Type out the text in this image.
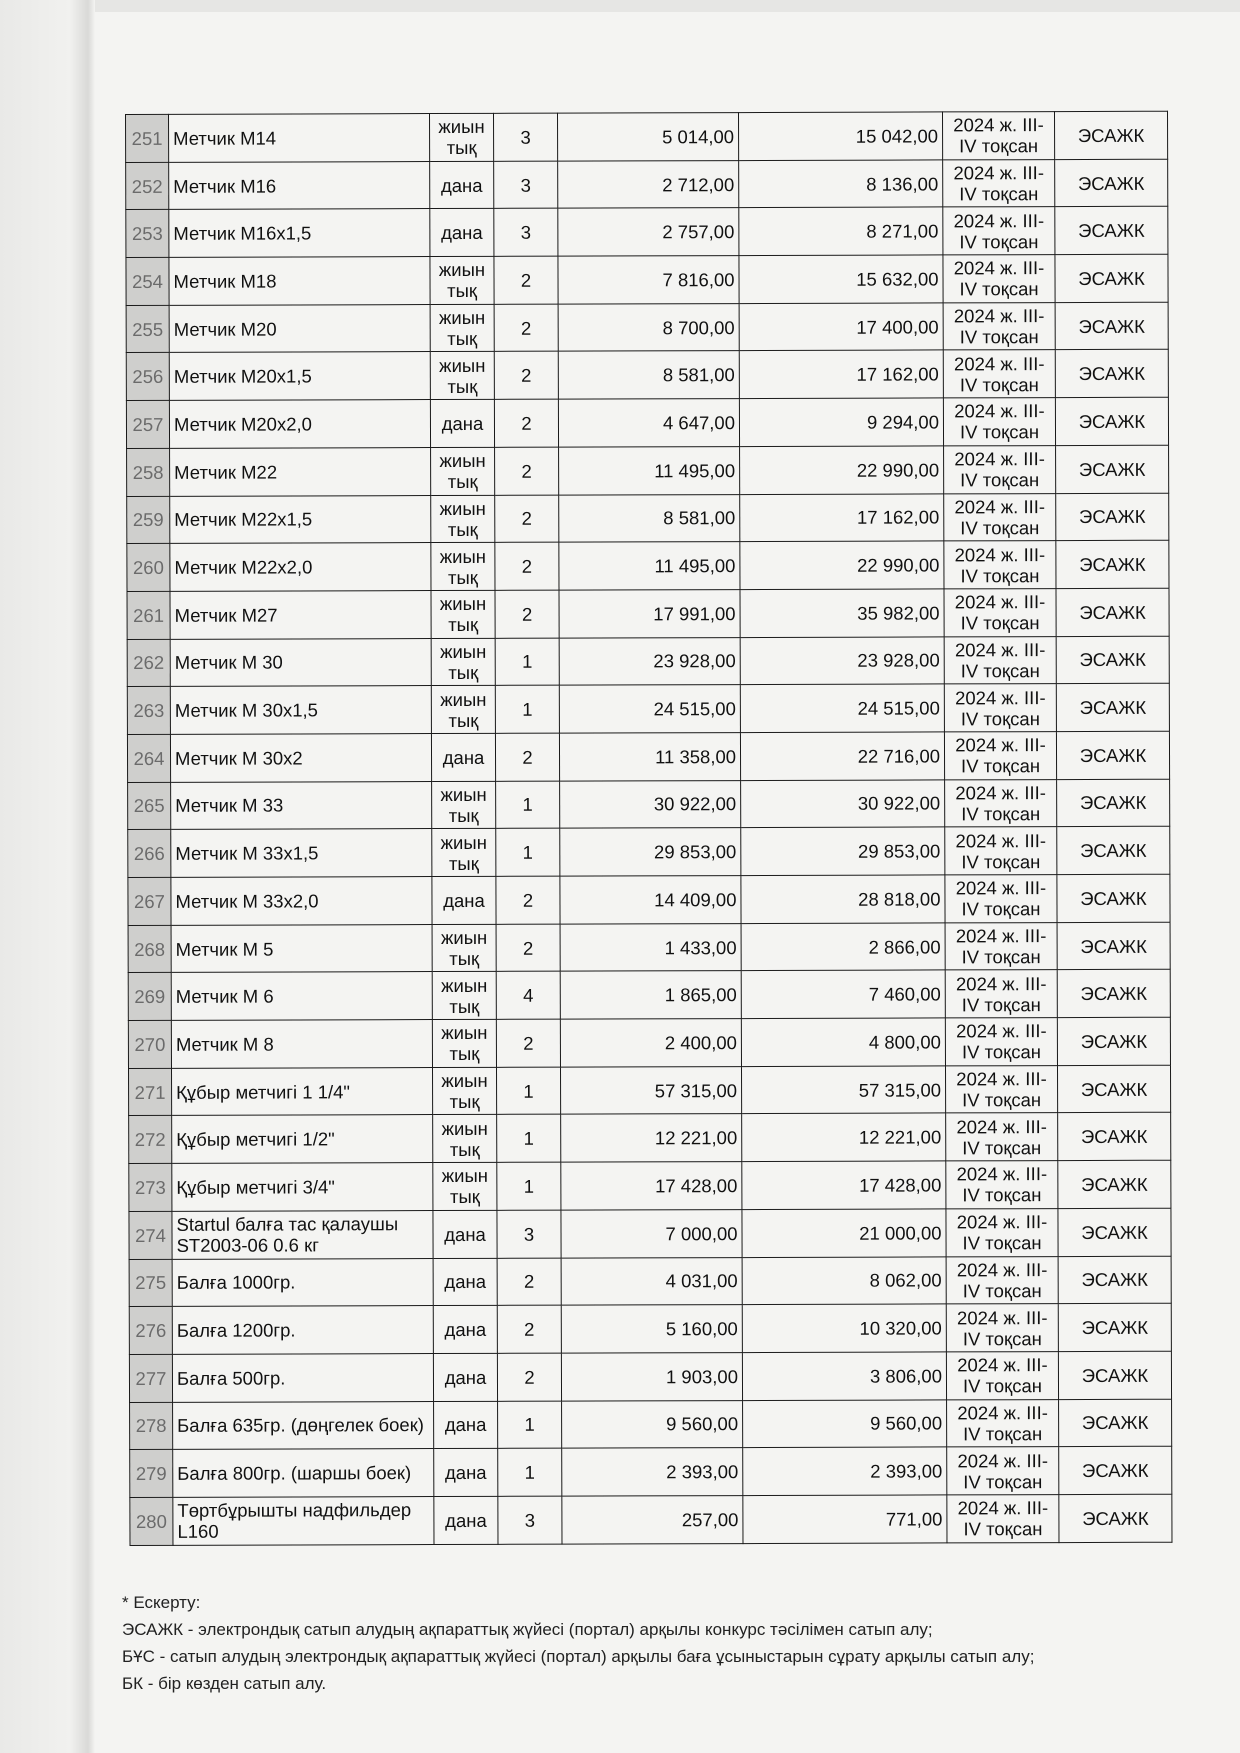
251	Метчик М14	жиын тық	3	5 014,00	15 042,00	2024 ж. III-IV тоқсан	ЭСАЖК
252	Метчик М16	дана	3	2 712,00	8 136,00	2024 ж. III-IV тоқсан	ЭСАЖК
253	Метчик М16х1,5	дана	3	2 757,00	8 271,00	2024 ж. III-IV тоқсан	ЭСАЖК
254	Метчик М18	жиын тық	2	7 816,00	15 632,00	2024 ж. III-IV тоқсан	ЭСАЖК
255	Метчик М20	жиын тық	2	8 700,00	17 400,00	2024 ж. III-IV тоқсан	ЭСАЖК
256	Метчик М20х1,5	жиын тық	2	8 581,00	17 162,00	2024 ж. III-IV тоқсан	ЭСАЖК
257	Метчик М20х2,0	дана	2	4 647,00	9 294,00	2024 ж. III-IV тоқсан	ЭСАЖК
258	Метчик М22	жиын тық	2	11 495,00	22 990,00	2024 ж. III-IV тоқсан	ЭСАЖК
259	Метчик М22х1,5	жиын тық	2	8 581,00	17 162,00	2024 ж. III-IV тоқсан	ЭСАЖК
260	Метчик М22х2,0	жиын тық	2	11 495,00	22 990,00	2024 ж. III-IV тоқсан	ЭСАЖК
261	Метчик М27	жиын тық	2	17 991,00	35 982,00	2024 ж. III-IV тоқсан	ЭСАЖК
262	Метчик М 30	жиын тық	1	23 928,00	23 928,00	2024 ж. III-IV тоқсан	ЭСАЖК
263	Метчик М 30х1,5	жиын тық	1	24 515,00	24 515,00	2024 ж. III-IV тоқсан	ЭСАЖК
264	Метчик М 30х2	дана	2	11 358,00	22 716,00	2024 ж. III-IV тоқсан	ЭСАЖК
265	Метчик М 33	жиын тық	1	30 922,00	30 922,00	2024 ж. III-IV тоқсан	ЭСАЖК
266	Метчик М 33х1,5	жиын тық	1	29 853,00	29 853,00	2024 ж. III-IV тоқсан	ЭСАЖК
267	Метчик М 33х2,0	дана	2	14 409,00	28 818,00	2024 ж. III-IV тоқсан	ЭСАЖК
268	Метчик М 5	жиын тық	2	1 433,00	2 866,00	2024 ж. III-IV тоқсан	ЭСАЖК
269	Метчик М 6	жиын тық	4	1 865,00	7 460,00	2024 ж. III-IV тоқсан	ЭСАЖК
270	Метчик М 8	жиын тық	2	2 400,00	4 800,00	2024 ж. III-IV тоқсан	ЭСАЖК
271	Құбыр метчигі 1 1/4"	жиын тық	1	57 315,00	57 315,00	2024 ж. III-IV тоқсан	ЭСАЖК
272	Құбыр метчигі 1/2"	жиын тық	1	12 221,00	12 221,00	2024 ж. III-IV тоқсан	ЭСАЖК
273	Құбыр метчигі 3/4"	жиын тық	1	17 428,00	17 428,00	2024 ж. III-IV тоқсан	ЭСАЖК
274	Startul балға тас қалаушы ST2003-06 0.6 кг	дана	3	7 000,00	21 000,00	2024 ж. III-IV тоқсан	ЭСАЖК
275	Балға 1000гр.	дана	2	4 031,00	8 062,00	2024 ж. III-IV тоқсан	ЭСАЖК
276	Балға 1200гр.	дана	2	5 160,00	10 320,00	2024 ж. III-IV тоқсан	ЭСАЖК
277	Балға 500гр.	дана	2	1 903,00	3 806,00	2024 ж. III-IV тоқсан	ЭСАЖК
278	Балға 635гр. (дөңгелек боек)	дана	1	9 560,00	9 560,00	2024 ж. III-IV тоқсан	ЭСАЖК
279	Балға 800гр. (шаршы боек)	дана	1	2 393,00	2 393,00	2024 ж. III-IV тоқсан	ЭСАЖК
280	Төртбұрышты надфильдер L160	дана	3	257,00	771,00	2024 ж. III-IV тоқсан	ЭСАЖК
* Ескерту:
ЭСАЖК - электрондық сатып алудың ақпараттық жүйесі (портал) арқылы конкурс тәсілімен сатып алу;
БҰС - сатып алудың электрондық ақпараттық жүйесі (портал) арқылы баға ұсыныстарын сұрату арқылы сатып алу;
БК - бір көзден сатып алу.
